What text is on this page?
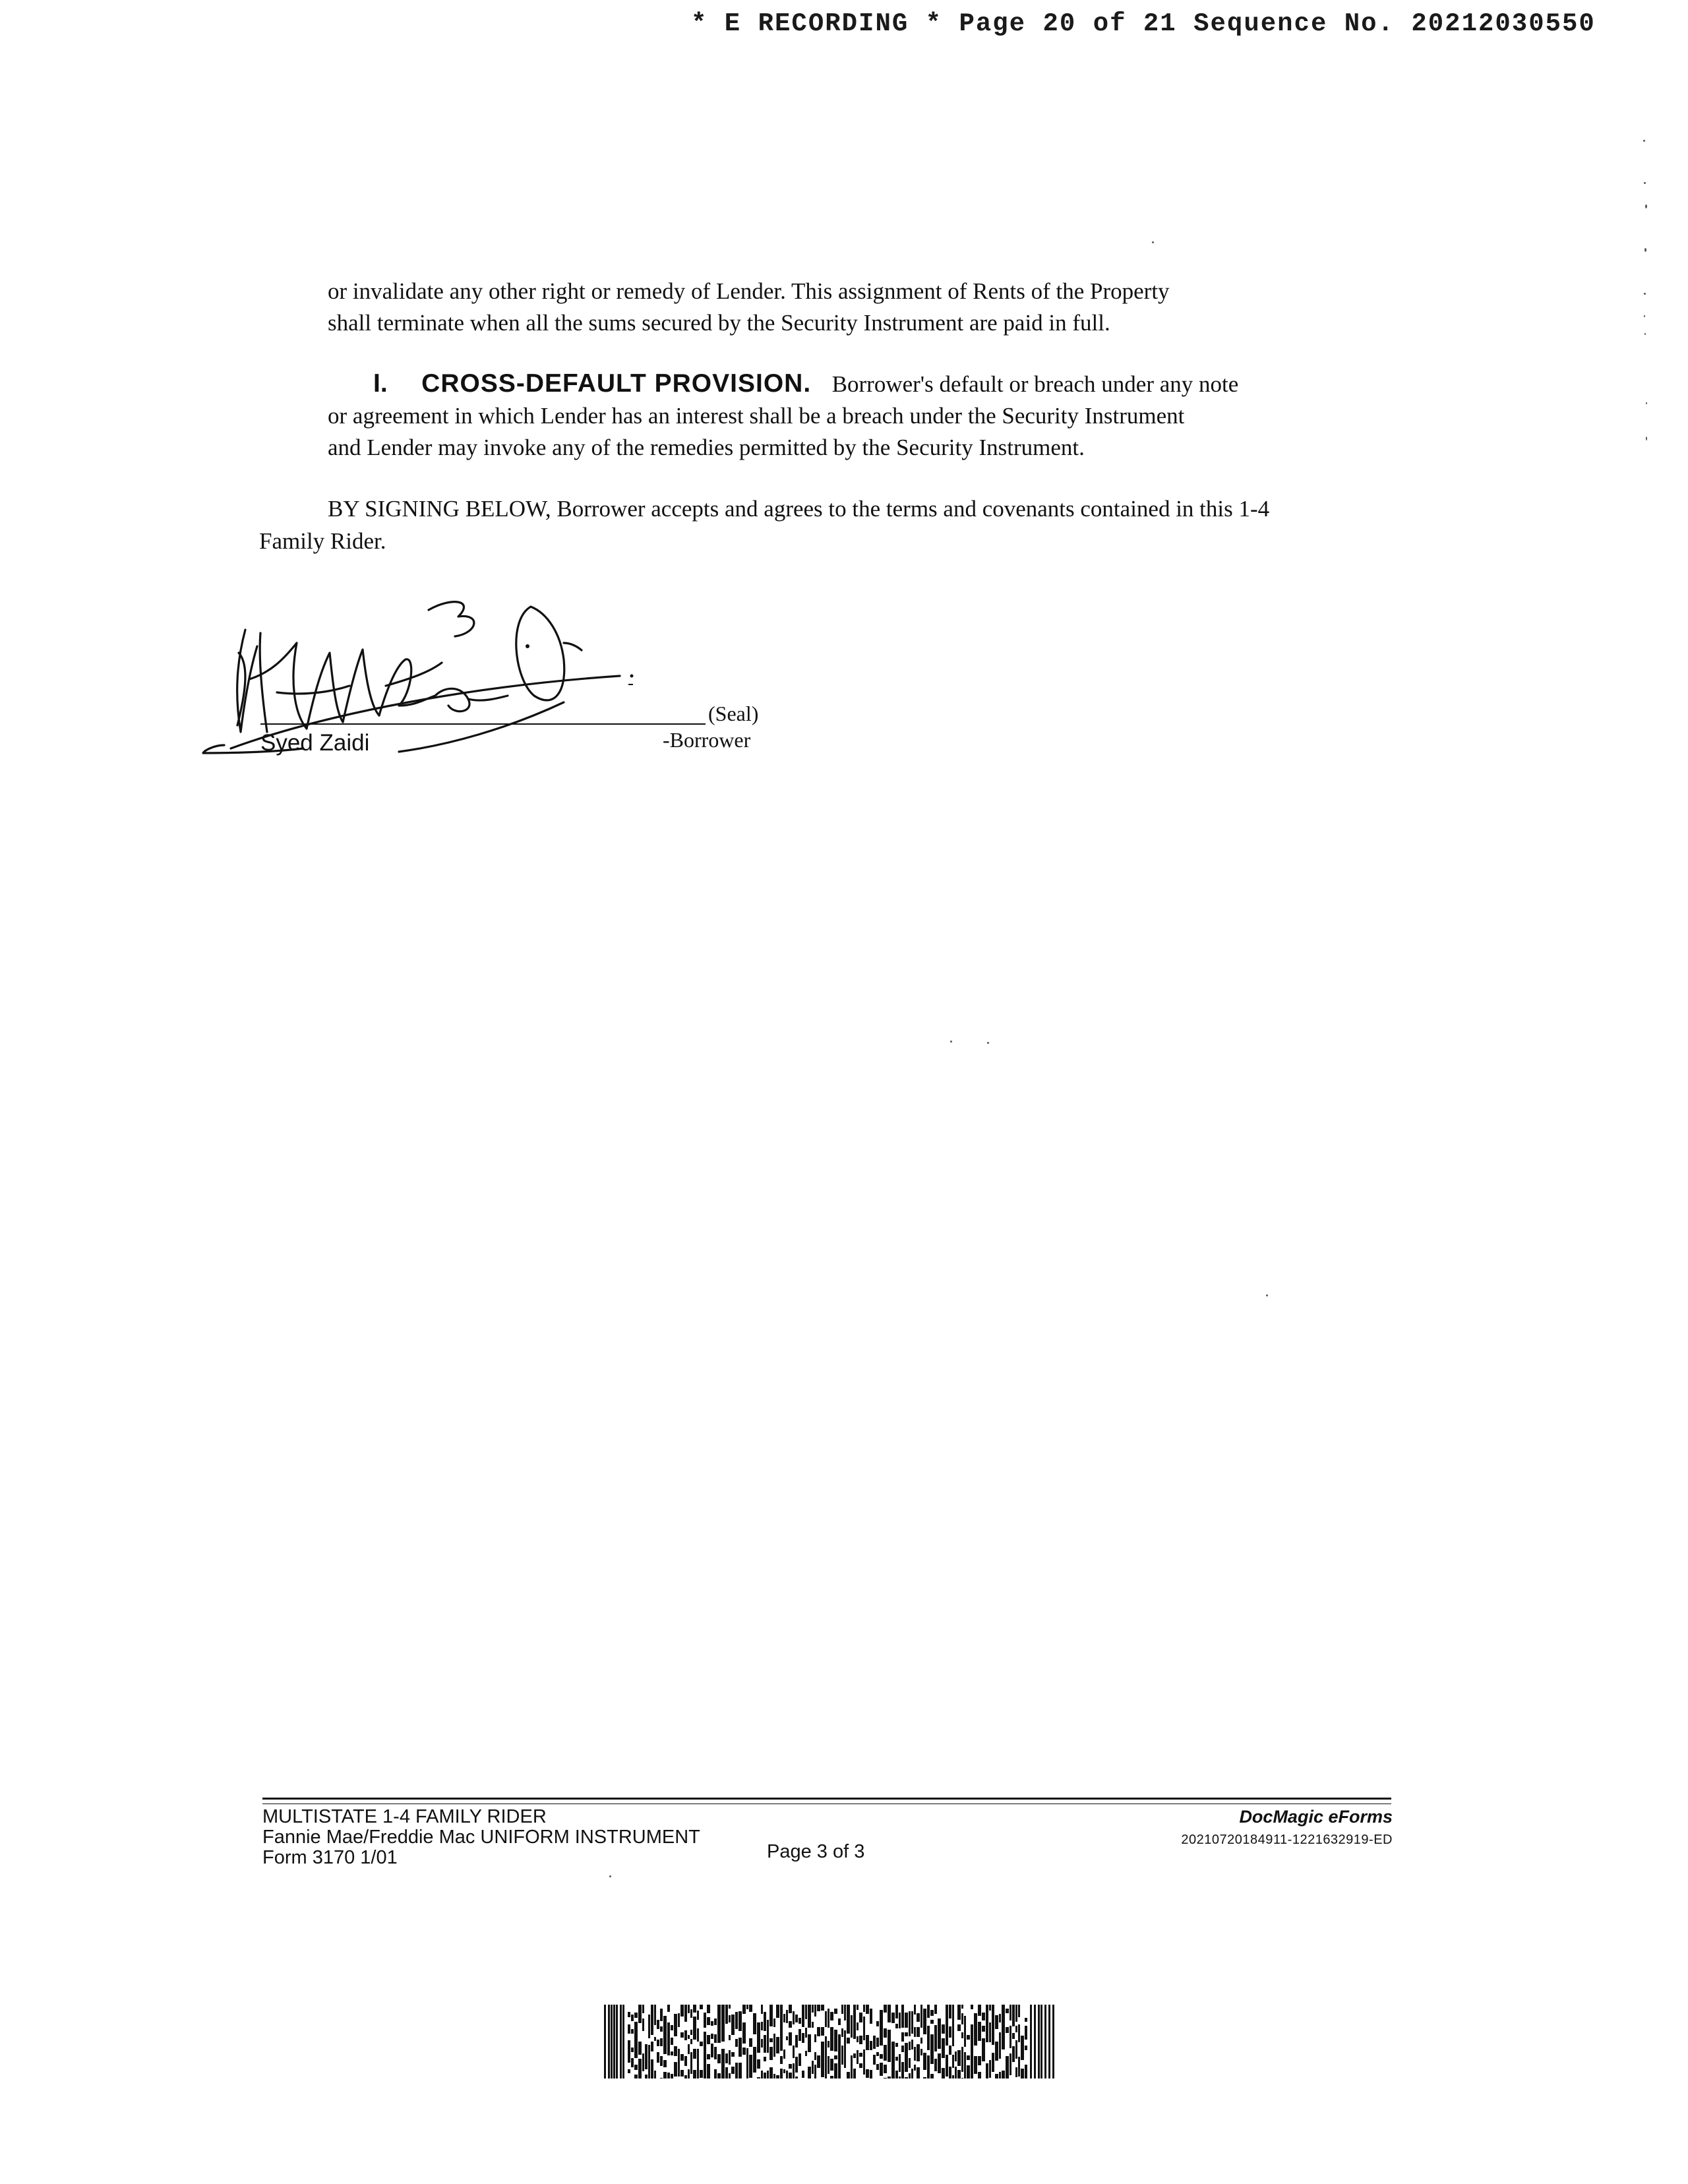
* E RECORDING * Page 20 of 21 Sequence No. 20212030550
or invalidate any other right or remedy of Lender. This assignment of Rents of the Property
shall terminate when all the sums secured by the Security Instrument are paid in full.
I. CROSS-DEFAULT PROVISION. Borrower's default or breach under any note
or agreement in which Lender has an interest shall be a breach under the Security Instrument
and Lender may invoke any of the remedies permitted by the Security Instrument.
BY SIGNING BELOW, Borrower accepts and agrees to the terms and covenants contained in this 1-4
Family Rider.
(Seal)
Syed Zaidi	-Borrower
MULTISTATE 1-4 FAMILY RIDER
Fannie Mae/Freddie Mac UNIFORM INSTRUMENT
Form 3170 1/01	Page 3 of 3
DocMagic eForms
20210720184911-1221632919-ED
